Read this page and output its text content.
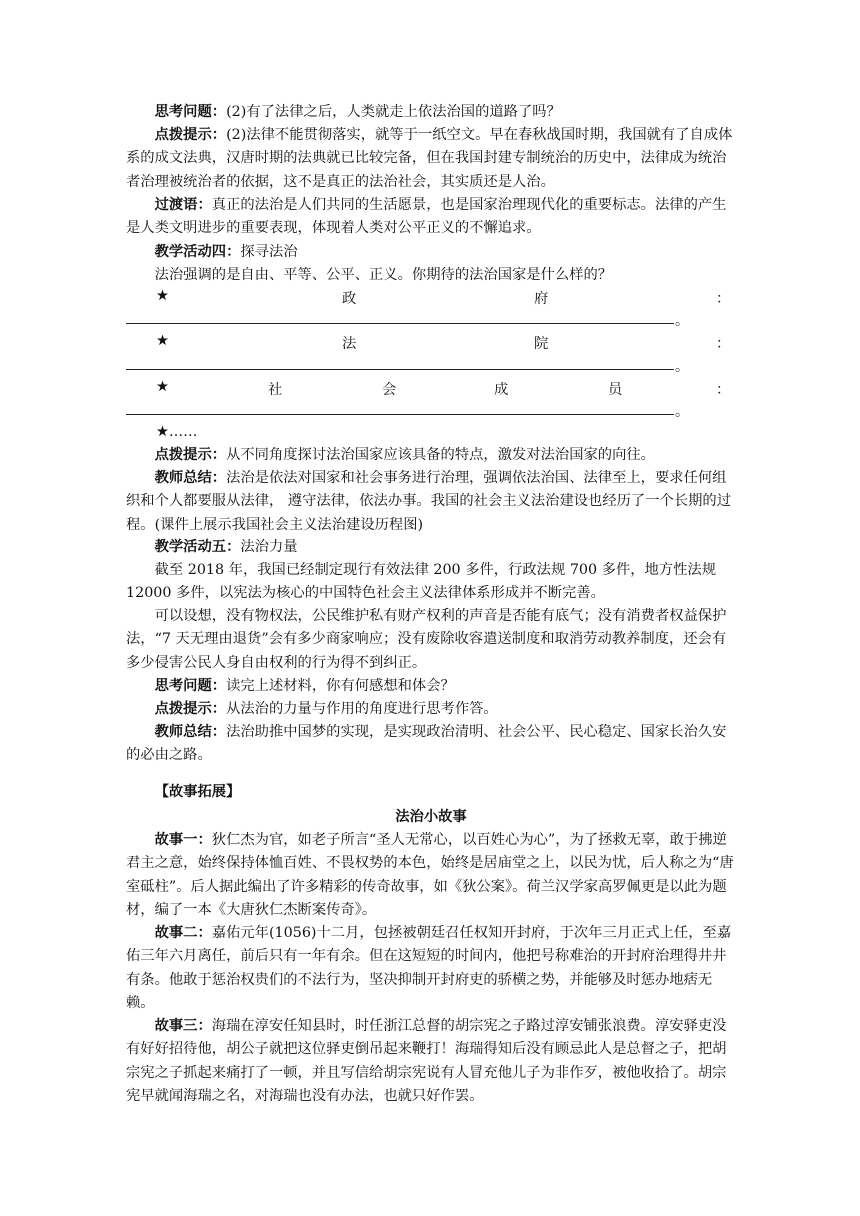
思考问题：(2)有了法律之后，人类就走上依法治国的道路了吗？

点拨提示：(2)法律不能贯彻落实，就等于一纸空文。早在春秋战国时期，我国就有了自成体系的成文法典，汉唐时期的法典就已比较完备，但在我国封建专制统治的历史中，法律成为统治者治理被统治者的依据，这不是真正的法治社会，其实质还是人治。

过渡语：真正的法治是人们共同的生活愿景，也是国家治理现代化的重要标志。法律的产生是人类文明进步的重要表现，体现着人类对公平正义的不懈追求。

教学活动四：探寻法治

法治强调的是自由、平等、公平、正义。你期待的法治国家是什么样的？

★	政	府	：
。
★	法	院	：
。
★	社	会	成	员	：
。
★……

点拨提示：从不同角度探讨法治国家应该具备的特点，激发对法治国家的向往。

教师总结：法治是依法对国家和社会事务进行治理，强调依法治国、法律至上，要求任何组织和个人都要服从法律， 遵守法律，依法办事。我国的社会主义法治建设也经历了一个长期的过程。(课件上展示我国社会主义法治建设历程图)

教学活动五：法治力量

截至 2018 年，我国已经制定现行有效法律 200 多件，行政法规 700 多件，地方性法规 12000 多件，以宪法为核心的中国特色社会主义法律体系形成并不断完善。

可以设想，没有物权法，公民维护私有财产权利的声音是否能有底气；没有消费者权益保护法，“7 天无理由退货”会有多少商家响应；没有废除收容遣送制度和取消劳动教养制度，还会有多少侵害公民人身自由权利的行为得不到纠正。

思考问题：读完上述材料，你有何感想和体会？

点拨提示：从法治的力量与作用的角度进行思考作答。

教师总结：法治助推中国梦的实现，是实现政治清明、社会公平、民心稳定、国家长治久安的必由之路。

【故事拓展】

法治小故事

故事一：狄仁杰为官，如老子所言“圣人无常心，以百姓心为心”，为了拯救无辜，敢于拂逆君主之意，始终保持体恤百姓、不畏权势的本色，始终是居庙堂之上，以民为忧，后人称之为“唐室砥柱”。后人据此编出了许多精彩的传奇故事，如《狄公案》。荷兰汉学家高罗佩更是以此为题材，编了一本《大唐狄仁杰断案传奇》。

故事二：嘉佑元年(1056)十二月，包拯被朝廷召任权知开封府，于次年三月正式上任，至嘉佑三年六月离任，前后只有一年有余。但在这短短的时间内，他把号称难治的开封府治理得井井有条。他敢于惩治权贵们的不法行为，坚决抑制开封府吏的骄横之势，并能够及时惩办地痞无赖。

故事三：海瑞在淳安任知县时，时任浙江总督的胡宗宪之子路过淳安铺张浪费。淳安驿吏没有好好招待他，胡公子就把这位驿吏倒吊起来鞭打！海瑞得知后没有顾忌此人是总督之子，把胡宗宪之子抓起来痛打了一顿，并且写信给胡宗宪说有人冒充他儿子为非作歹，被他收拾了。胡宗宪早就闻海瑞之名，对海瑞也没有办法，也就只好作罢。
